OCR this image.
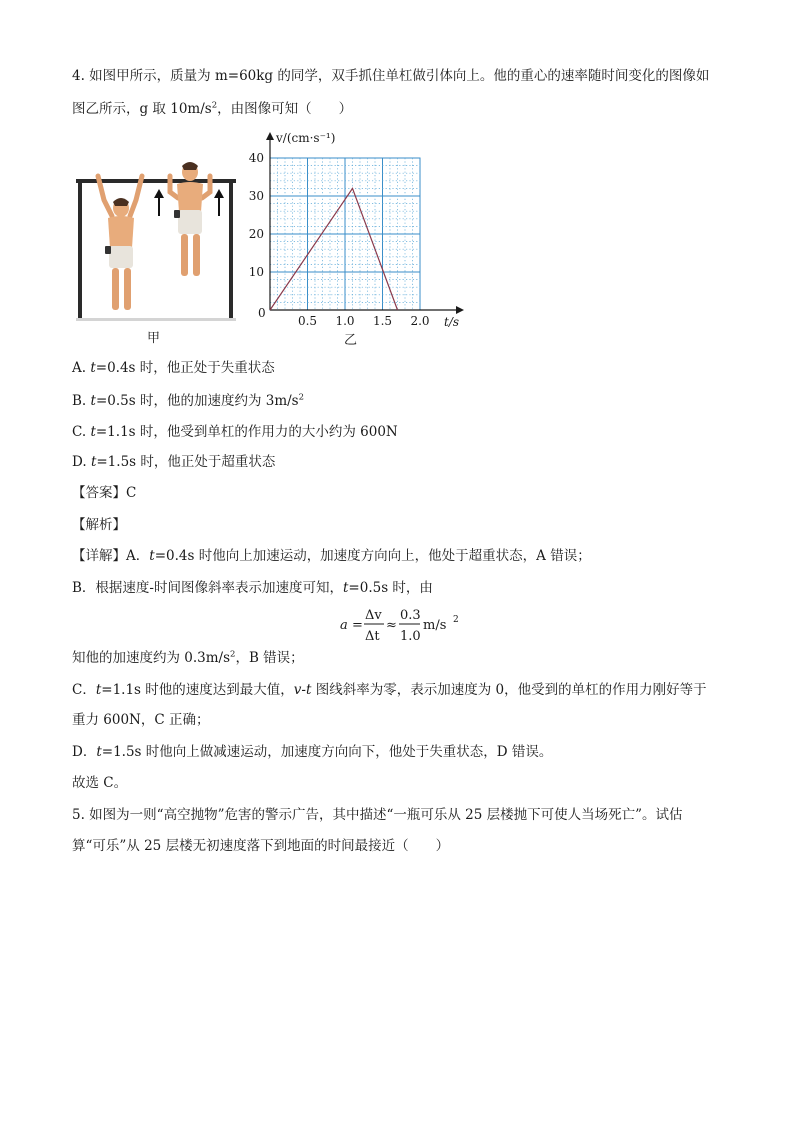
4. 如图甲所示，质量为 m=60kg 的同学，双手抓住单杠做引体向上。他的重心的速率随时间变化的图像如
图乙所示，g 取 $10m/s^2$，由图像可知（　　）
0.5 1.0 1.5 2.0
10
20
30
40
v/(cm·s⁻¹)
t/s
0
甲	乙
A. t=0.4s 时，他正处于失重状态
B. t=0.5s 时，他的加速度约为 $3m/s^2$
C. t=1.1s 时，他受到单杠的作用力的大小约为 600N
D. t=1.5s 时，他正处于超重状态
【答案】C
【解析】
【详解】A．t=0.4s 时他向上加速运动，加速度方向向上，他处于超重状态，A 错误；
B．根据速度-时间图像斜率表示加速度可知，t=0.5s 时，由
a =
Δv
Δt
≈
0.3
1.0
m/s 2
知他的加速度约为 $0.3m/s^2$，B 错误；
C．t=1.1s 时他的速度达到最大值，v-t 图线斜率为零，表示加速度为 0，他受到的单杠的作用力刚好等于
重力 600N，C 正确；
D．t=1.5s 时他向上做减速运动，加速度方向向下，他处于失重状态，D 错误。
故选 C。
5. 如图为一则“高空抛物”危害的警示广告，其中描述“一瓶可乐从 25 层楼抛下可使人当场死亡”。试估
算“可乐”从 25 层楼无初速度落下到地面的时间最接近（　　）
